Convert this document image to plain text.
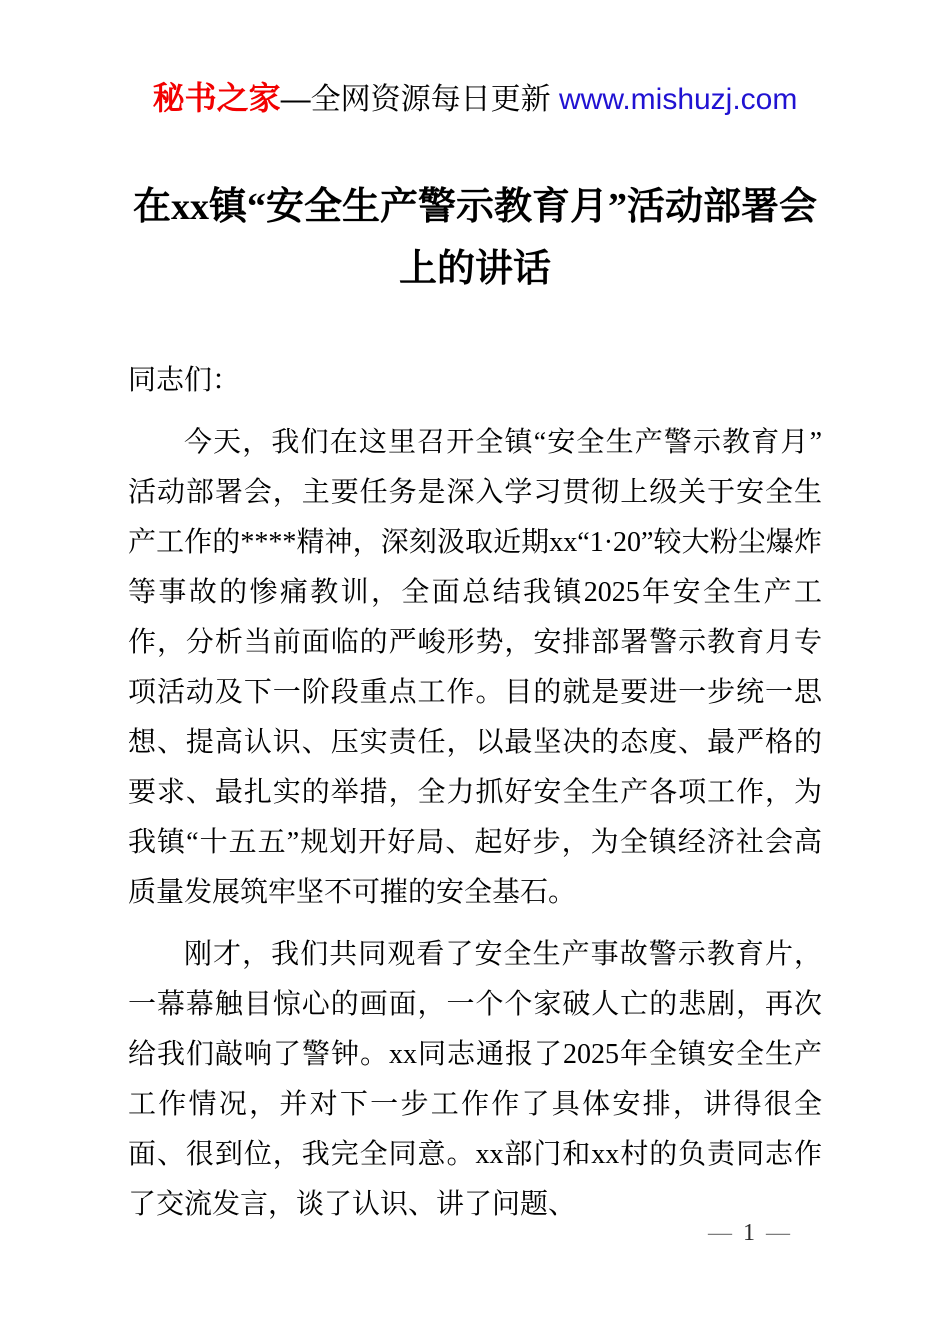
秘书之家—全网资源每日更新 www.mishuzj.com
在xx镇“安全生产警示教育月”活动部署会
上的讲话

同志们：

今天，我们在这里召开全镇“安全生产警示教育月”活动部署会，主要任务是深入学习贯彻上级关于安全生产工作的****精神，深刻汲取近期xx“1·20”较大粉尘爆炸等事故的惨痛教训，全面总结我镇2025年安全生产工作，分析当前面临的严峻形势，安排部署警示教育月专项活动及下一阶段重点工作。目的就是要进一步统一思想、提高认识、压实责任，以最坚决的态度、最严格的要求、最扎实的举措，全力抓好安全生产各项工作，为我镇“十五五”规划开好局、起好步，为全镇经济社会高质量发展筑牢坚不可摧的安全基石。

刚才，我们共同观看了安全生产事故警示教育片，一幕幕触目惊心的画面，一个个家破人亡的悲剧，再次给我们敲响了警钟。xx同志通报了2025年全镇安全生产工作情况，并对下一步工作作了具体安排，讲得很全面、很到位，我完全同意。xx部门和xx村的负责同志作了交流发言，谈了认识、讲了问题、

— 1 —
